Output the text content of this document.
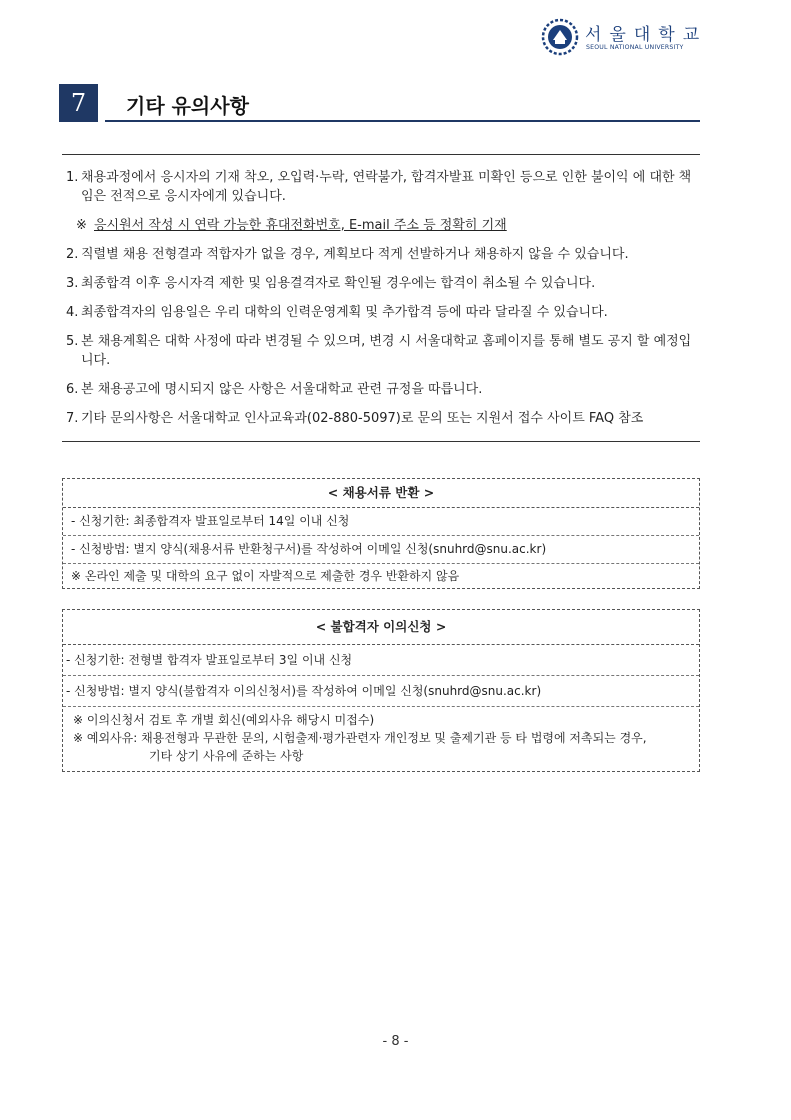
서울대학교
SEOUL NATIONAL UNIVERSITY
7	기타 유의사항
1. 채용과정에서 응시자의 기재 착오, 오입력·누락, 연락불가, 합격자발표 미확인 등으로 인한 불이익 에 대한 책임은 전적으로 응시자에게 있습니다.
※ 응시원서 작성 시 연락 가능한 휴대전화번호, E-mail 주소 등 정확히 기재
2. 직렬별 채용 전형결과 적합자가 없을 경우, 계획보다 적게 선발하거나 채용하지 않을 수 있습니다.
3. 최종합격 이후 응시자격 제한 및 임용결격자로 확인될 경우에는 합격이 취소될 수 있습니다.
4. 최종합격자의 임용일은 우리 대학의 인력운영계획 및 추가합격 등에 따라 달라질 수 있습니다.
5. 본 채용계획은 대학 사정에 따라 변경될 수 있으며, 변경 시 서울대학교 홈페이지를 통해 별도 공지 할 예정입니다.
6. 본 채용공고에 명시되지 않은 사항은 서울대학교 관련 규정을 따릅니다.
7. 기타 문의사항은 서울대학교 인사교육과(02-880-5097)로 문의 또는 지원서 접수 사이트 FAQ 참조
< 채용서류 반환 >
- 신청기한: 최종합격자 발표일로부터 14일 이내 신청
- 신청방법: 별지 양식(채용서류 반환청구서)를 작성하여 이메일 신청(snuhrd@snu.ac.kr)
※ 온라인 제출 및 대학의 요구 없이 자발적으로 제출한 경우 반환하지 않음
< 불합격자 이의신청 >
- 신청기한: 전형별 합격자 발표일로부터 3일 이내 신청
- 신청방법: 별지 양식(불합격자 이의신청서)를 작성하여 이메일 신청(snuhrd@snu.ac.kr)
※ 이의신청서 검토 후 개별 회신(예외사유 해당시 미접수)
※ 예외사유: 채용전형과 무관한 문의, 시험출제·평가관련자 개인정보 및 출제기관 등 타 법령에 저촉되는 경우,
기타 상기 사유에 준하는 사항
- 8 -
